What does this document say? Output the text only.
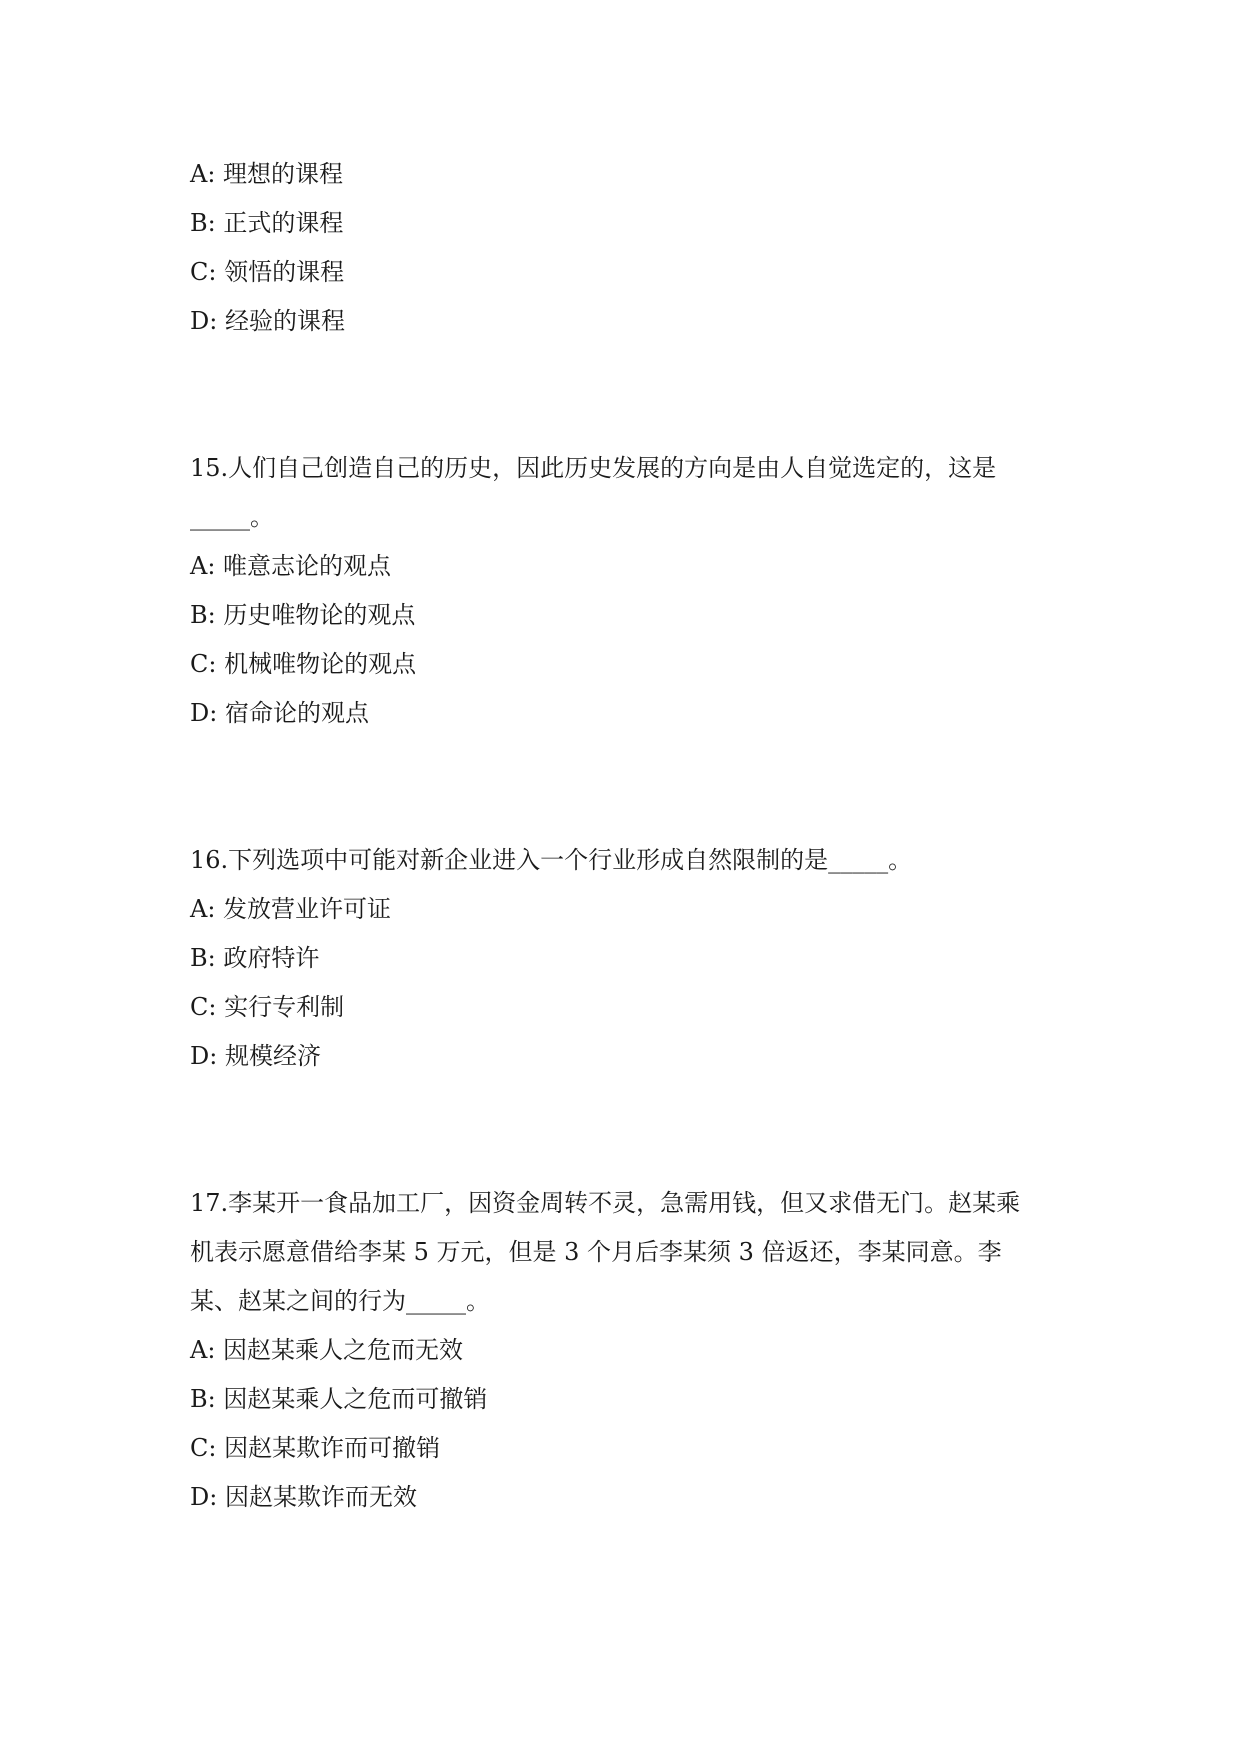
A: 理想的课程
B: 正式的课程
C: 领悟的课程
D: 经验的课程
15.人们自己创造自己的历史，因此历史发展的方向是由人自觉选定的，这是
_____。
A: 唯意志论的观点
B: 历史唯物论的观点
C: 机械唯物论的观点
D: 宿命论的观点
16.下列选项中可能对新企业进入一个行业形成自然限制的是_____。
A: 发放营业许可证
B: 政府特许
C: 实行专利制
D: 规模经济
17.李某开一食品加工厂，因资金周转不灵，急需用钱，但又求借无门。赵某乘
机表示愿意借给李某 5 万元，但是 3 个月后李某须 3 倍返还，李某同意。李
某、赵某之间的行为_____。
A: 因赵某乘人之危而无效
B: 因赵某乘人之危而可撤销
C: 因赵某欺诈而可撤销
D: 因赵某欺诈而无效
